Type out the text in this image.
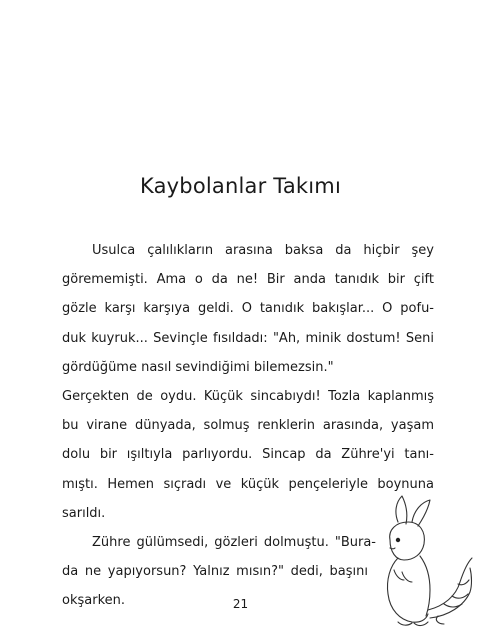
Kaybolanlar Takımı
Usulca çalılıkların arasına baksa da hiçbir şey
görememişti. Ama o da ne! Bir anda tanıdık bir çift
gözle karşı karşıya geldi. O tanıdık bakışlar... O pofu-
duk kuyruk... Sevinçle fısıldadı: "Ah, minik dostum! Seni
gördüğüme nasıl sevindiğimi bilemezsin."
Gerçekten de oydu. Küçük sincabıydı! Tozla kaplanmış
bu virane dünyada, solmuş renklerin arasında, yaşam
dolu bir ışıltıyla parlıyordu. Sincap da Zühre'yi tanı-
mıştı. Hemen sıçradı ve küçük pençeleriyle boynuna
sarıldı.
Zühre gülümsedi, gözleri dolmuştu. "Bura-
da ne yapıyorsun? Yalnız mısın?" dedi, başını
okşarken.	21
